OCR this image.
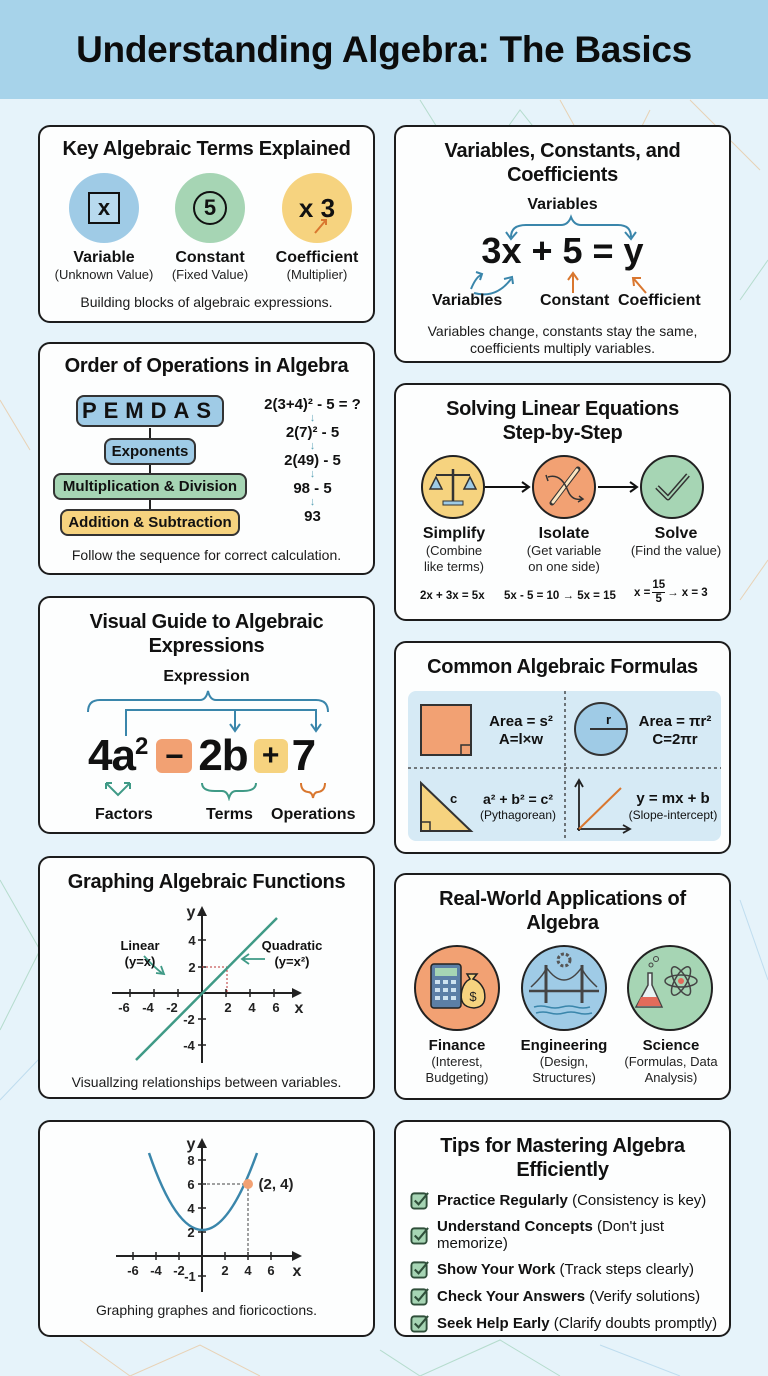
Understanding Algebra: The Basics
Key Algebraic Terms Explained
x
Variable
(Unknown Value)
5
Constant
(Fixed Value)
x 3
Coefficient
(Multiplier)
Building blocks of algebraic expressions.
Variables, Constants, and
Coefficients
Variables
3x + 5 = y
Variables Constant Coefficient
Variables change, constants stay the same,
coefficients multiply variables.
Order of Operations in Algebra
PEMDAS
Exponents
Multiplication & Division
Addition & Subtraction
2(3+4)² - 5 = ?
↓
2(7)² - 5
↓
2(49) - 5
↓
98 - 5
↓
93
Follow the sequence for correct calculation.
Solving Linear Equations
Step-by-Step
Simplify
(Combine
like terms)
Isolate
(Get variable
on one side)
Solve
(Find the value)
2x + 3x = 5x 5x - 5 = 10 → 5x = 15 $x = \frac{15}{5} \to x = 3$
Visual Guide to Algebraic
Expressions
Expression
4a 2 − 2b + 7
Factors	Terms Operations
Common Algebraic Formulas
r
c
Area = s²
A=l×w
Area = πr²
C=2πr
a² + b² = c²
(Pythagorean)
y = mx + b
(Slope-intercept)
Graphing Algebraic Functions
-6 -4 -2	2 4 6 x
y
4
2
-2
-4
Linear
(y=x)
Quadratic
(y=x²)
Visuallzing relationships between variables.
Real-World Applications of
Algebra
$
Finance
(Interest,
Budgeting)
Engineering
(Design,
Structures)
Science
(Formulas, Data
Analysis)
-6 -4 -2	2 4 6 x
y
8
6
4
2
-1
(2, 4)
Graphing graphes and fioricoctions.
Tips for Mastering Algebra
Efficiently
Practice Regularly (Consistency is key)
Understand Concepts (Don't just memorize)
Show Your Work (Track steps clearly)
Check Your Answers (Verify solutions)
Seek Help Early (Clarify doubts promptly)
